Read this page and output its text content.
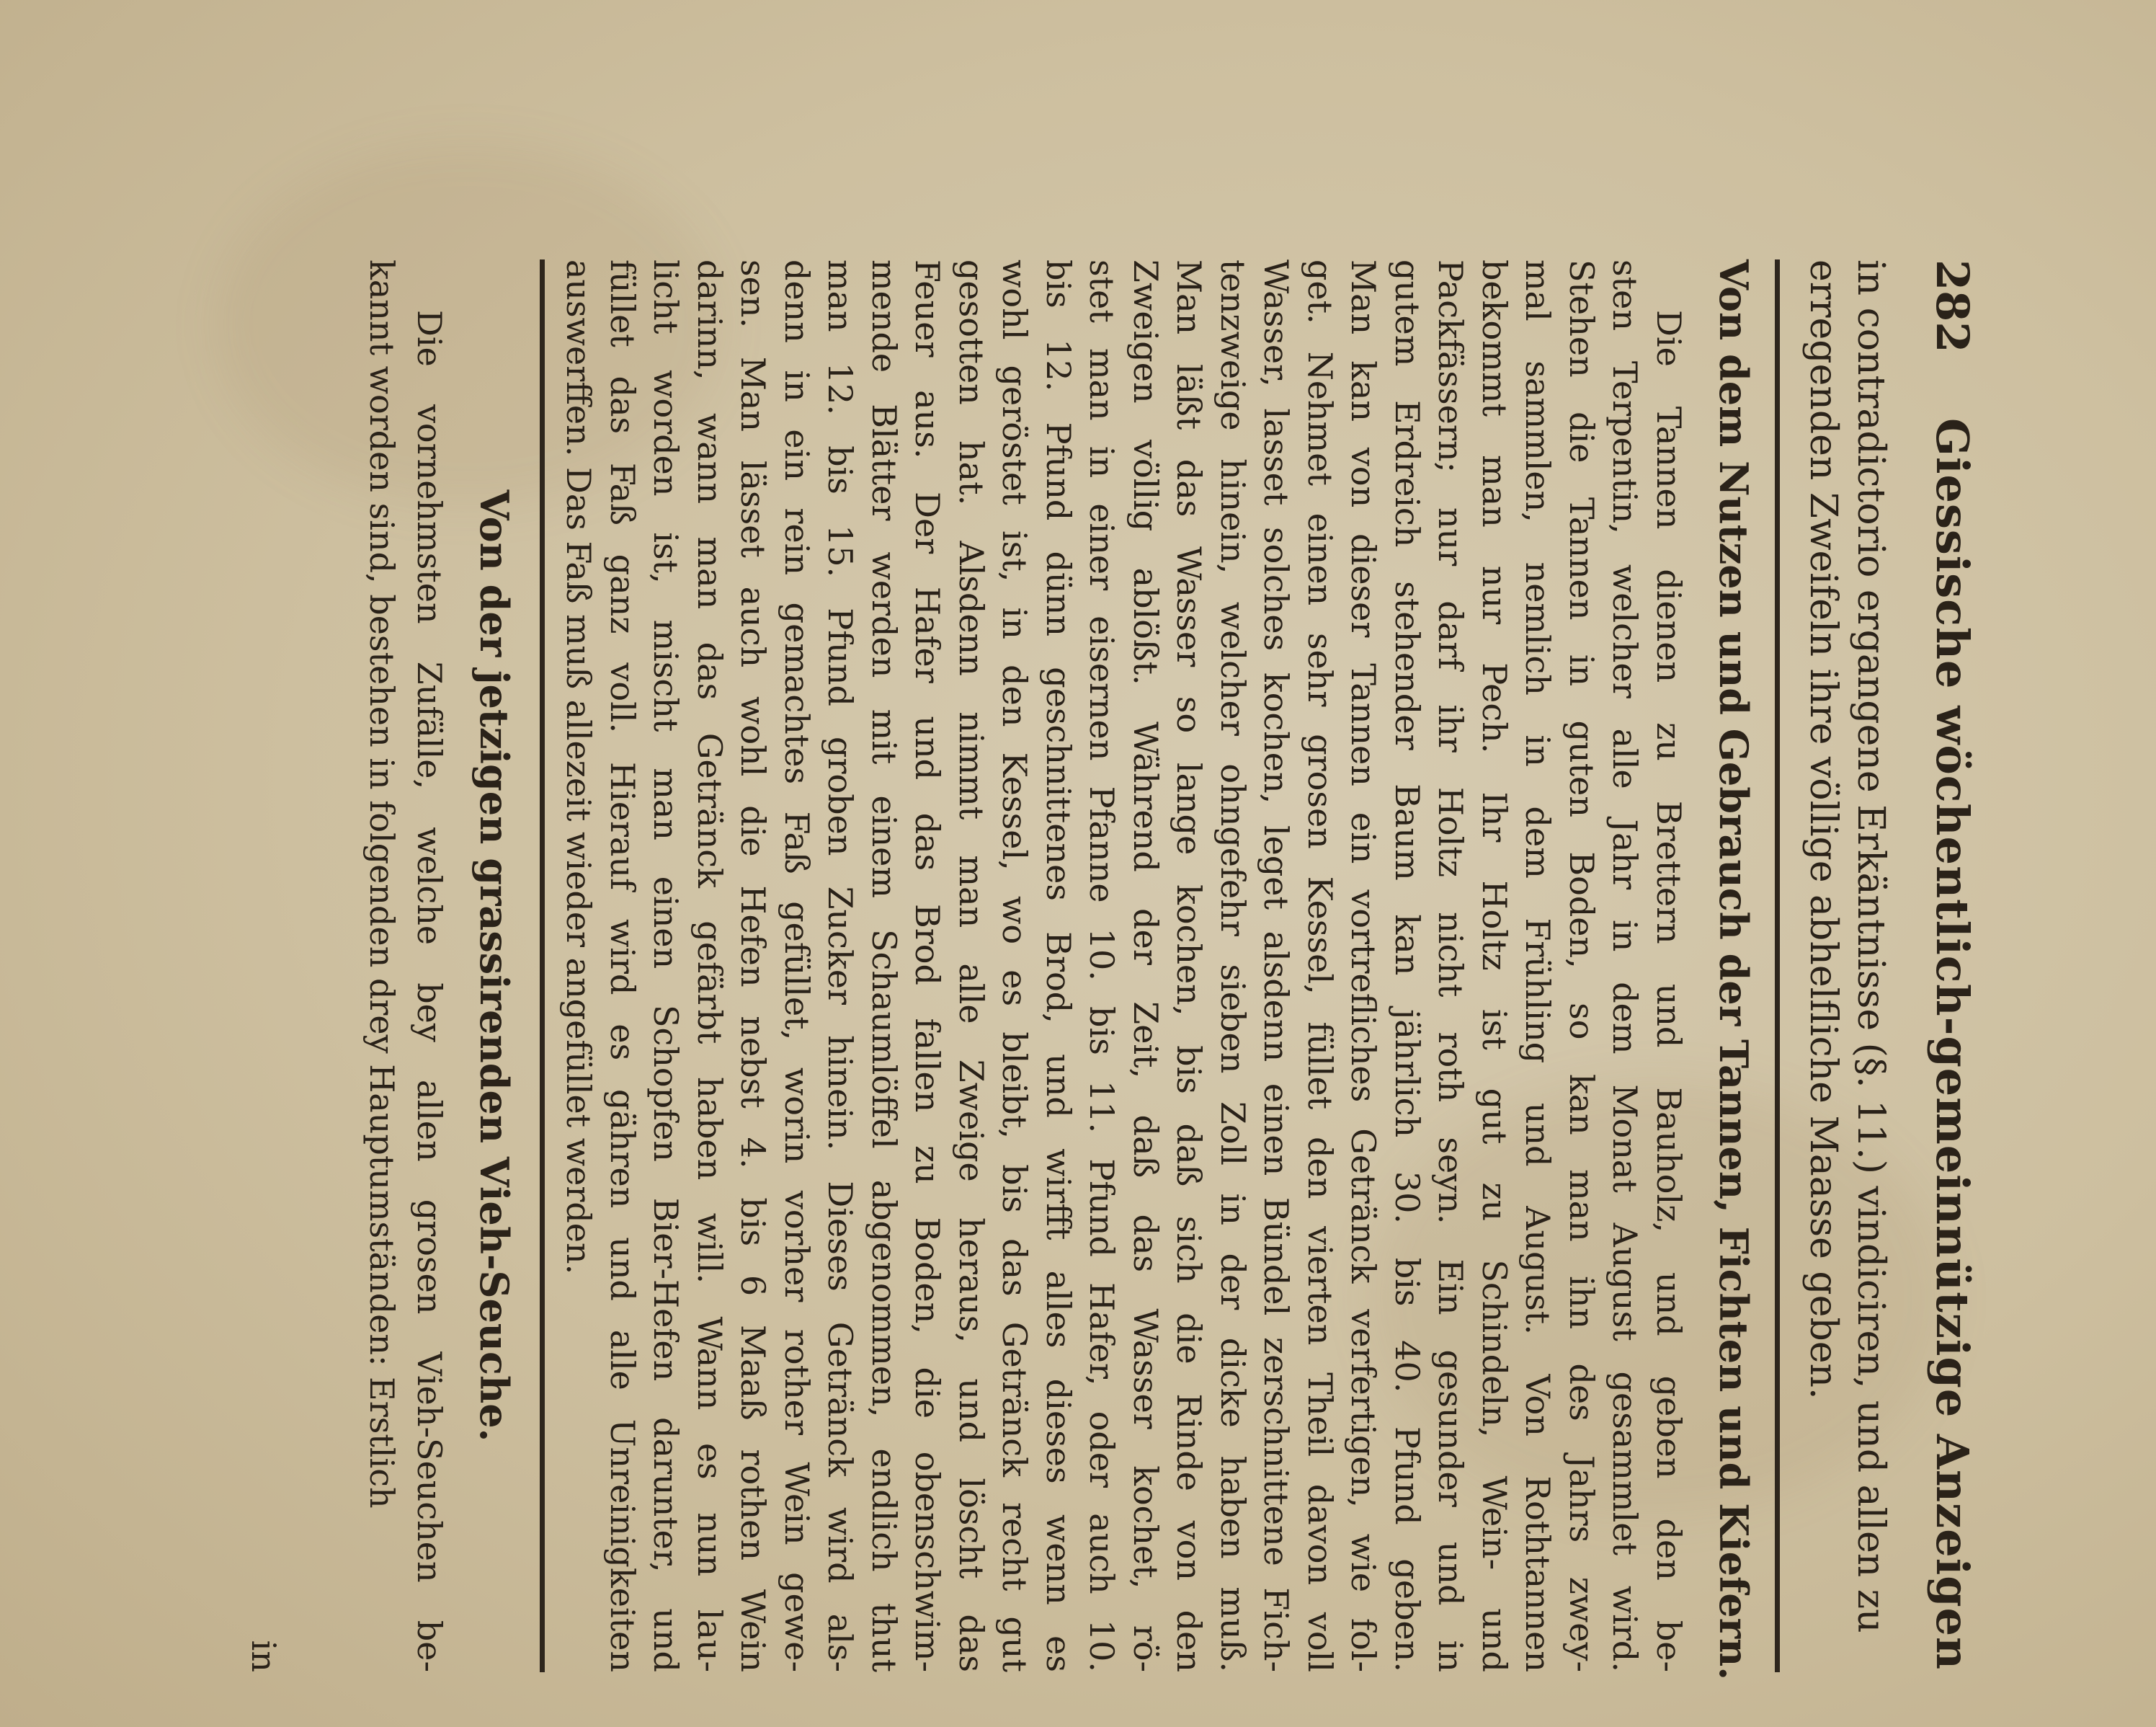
282
Giessische wöchentlich-gemeinnützige Anzeigen
in contradictorio ergangene Erkäntnisse (§. 11.) vindiciren, und allen zu
erregenden Zweifeln ihre völlige abhelfliche Maasse geben.
Von dem Nutzen und Gebrauch der Tannen, Fichten und Kiefern.
Die Tannen dienen zu Brettern und Bauholz, und geben den be-
sten Terpentin, welcher alle Jahr in dem Monat August gesammlet wird.
Stehen die Tannen in guten Boden, so kan man ihn des Jahrs zwey-
mal sammlen, nemlich in dem Frühling und August. Von Rothtannen
bekommt man nur Pech. Ihr Holtz ist gut zu Schindeln, Wein- und
Packfässern; nur darf ihr Holtz nicht roth seyn. Ein gesunder und in
gutem Erdreich stehender Baum kan jährlich 30. bis 40. Pfund geben.
Man kan von dieser Tannen ein vortrefliches Getränck verfertigen, wie fol-
get. Nehmet einen sehr grosen Kessel, füllet den vierten Theil davon voll
Wasser, lasset solches kochen, leget alsdenn einen Bündel zerschnittene Fich-
tenzweige hinein, welcher ohngefehr sieben Zoll in der dicke haben muß.
Man läßt das Wasser so lange kochen, bis daß sich die Rinde von den
Zweigen völlig ablößt. Während der Zeit, daß das Wasser kochet, rö-
stet man in einer eisernen Pfanne 10. bis 11. Pfund Hafer, oder auch 10.
bis 12. Pfund dünn geschnittenes Brod, und wirfft alles dieses wenn es
wohl geröstet ist, in den Kessel, wo es bleibt, bis das Getränck recht gut
gesotten hat. Alsdenn nimmt man alle Zweige heraus, und löscht das
Feuer aus. Der Hafer und das Brod fallen zu Boden, die obenschwim-
mende Blätter werden mit einem Schaumlöffel abgenommen, endlich thut
man 12. bis 15. Pfund groben Zucker hinein. Dieses Getränck wird als-
denn in ein rein gemachtes Faß gefüllet, worin vorher rother Wein gewe-
sen. Man lässet auch wohl die Hefen nebst 4. bis 6 Maaß rothen Wein
darinn, wann man das Getränck gefärbt haben will. Wann es nun lau-
licht worden ist, mischt man einen Schopfen Bier-Hefen darunter, und
füllet das Faß ganz voll. Hierauf wird es gähren und alle Unreinigkeiten
auswerffen. Das Faß muß allezeit wieder angefüllet werden.
Von der jetzigen grassirenden Vieh-Seuche.
Die vornehmsten Zufälle, welche bey allen grosen Vieh-Seuchen be-
kannt worden sind, bestehen in folgenden drey Hauptumständen: Erstlich
in
